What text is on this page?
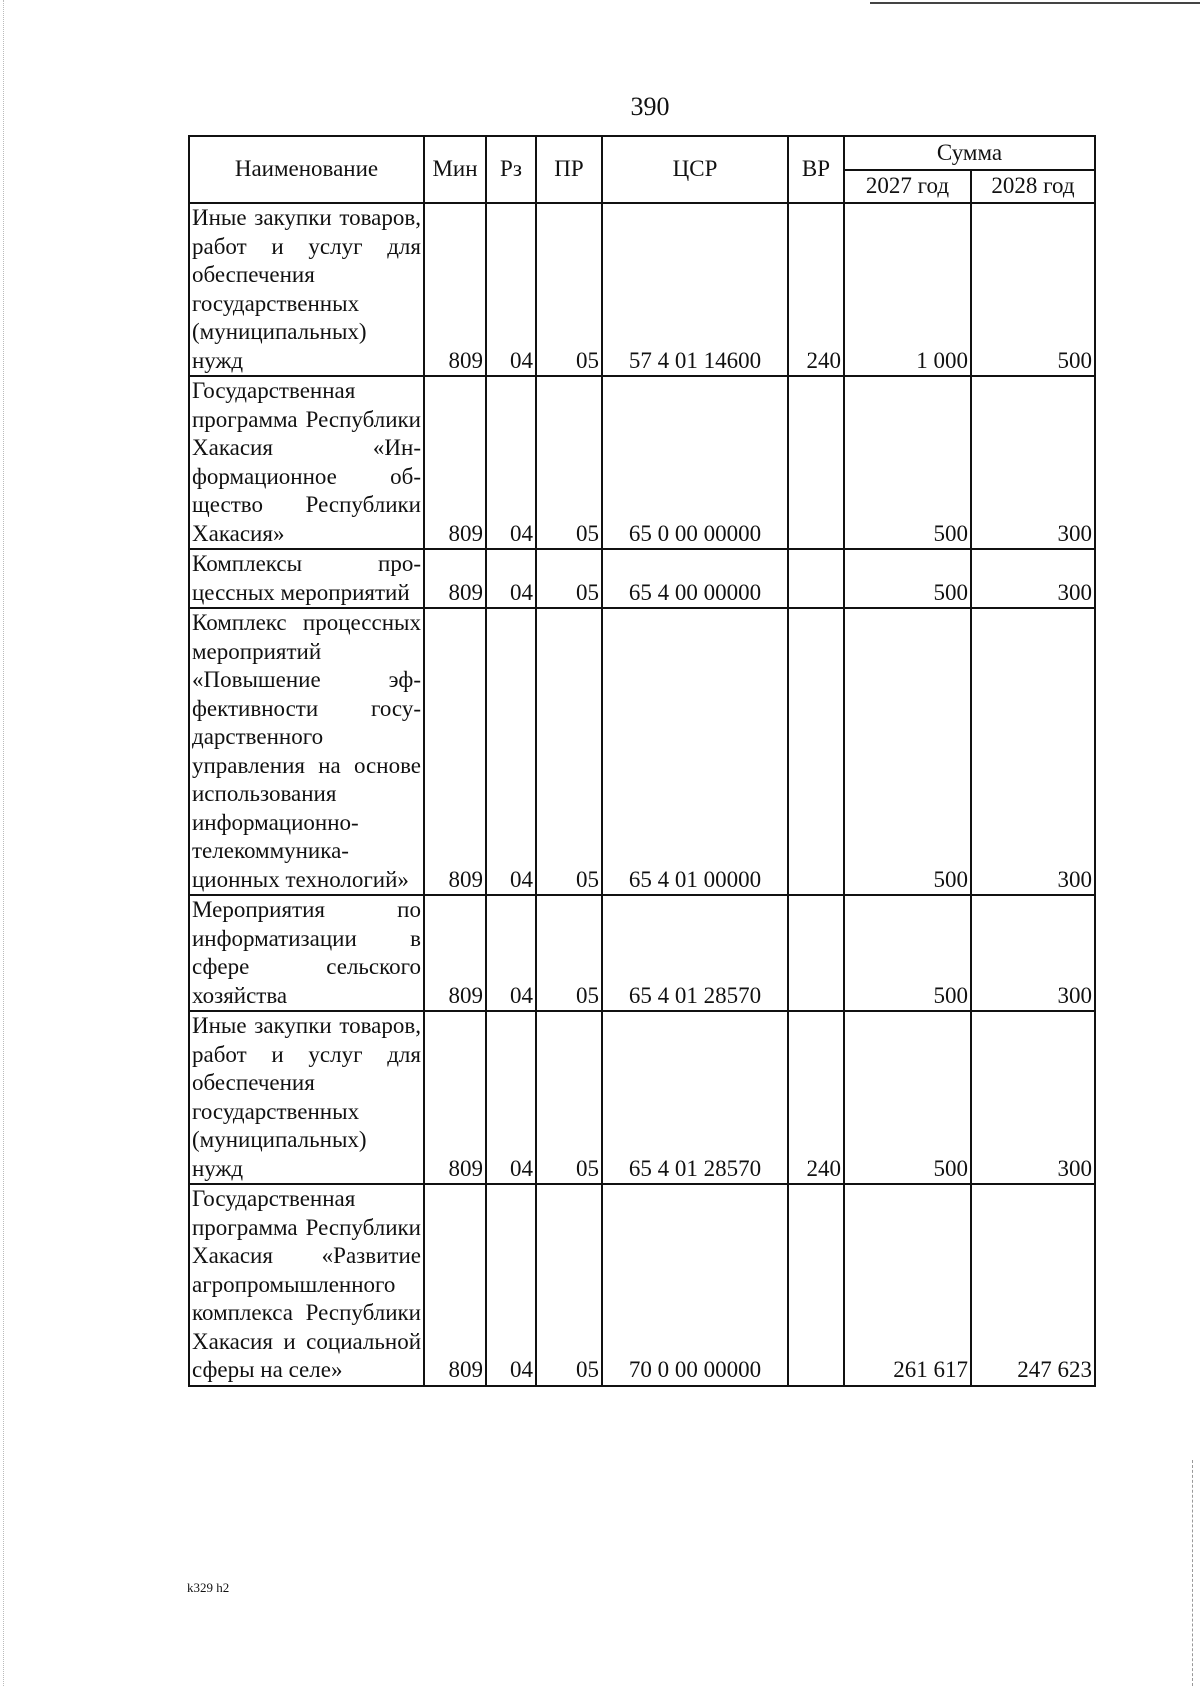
390
Наименование	Мин	Рз	ПР	ЦСР	ВР	Сумма	
						2027 год	2028 год
Иные закупки товаров, работ и услуг для обеспечения государственных (муниципальных) нужд	809	04	05	57 4 01 14600	240	1 000	500
Государственная программа Республики Хакасия «Информационное общество Республики Хакасия»	809	04	05	65 0 00 00000		500	300
Комплексы процессных мероприятий	809	04	05	65 4 00 00000		500	300
Комплекс процессных мероприятий «Повышение эффективности государственного управления на основе использования информационно-телекоммуникационных технологий»	809	04	05	65 4 01 00000		500	300
Мероприятия по информатизации в сфере сельского хозяйства	809	04	05	65 4 01 28570		500	300
Иные закупки товаров, работ и услуг для обеспечения государственных (муниципальных) нужд	809	04	05	65 4 01 28570	240	500	300
Государственная программа Республики Хакасия «Развитие агропромышленного комплекса Республики Хакасия и социальной сферы на селе»	809	04	05	70 0 00 00000		261 617	247 623
k329 h2
